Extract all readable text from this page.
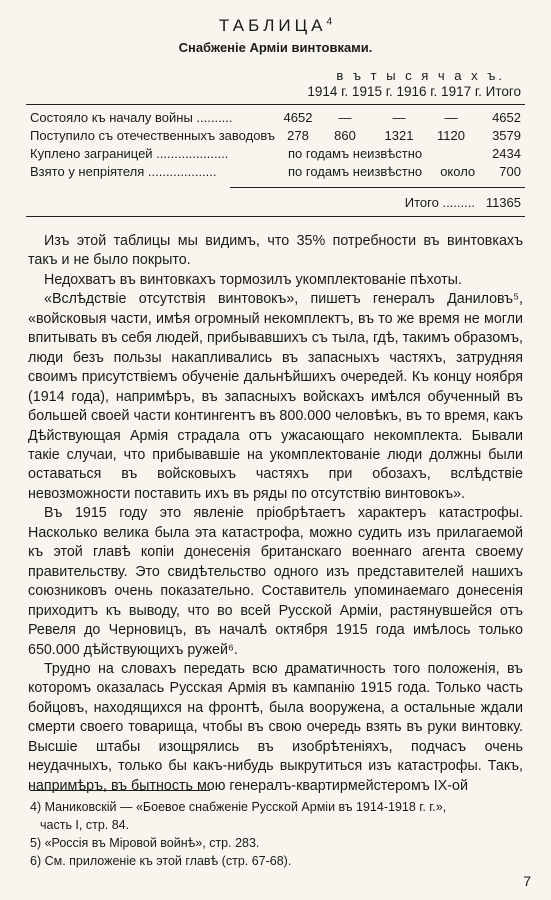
ТАБЛИЦА$^4$
Снабженіе Арміи винтовками.
в ъ т ы с я ч а х ъ.
1914 г. 1915 г. 1916 г. 1917 г. Итого
Состояло къ началу войны ..........	4652	—	—	—	4652
Поступило съ отечественныхъ заводовъ 278	860	1321	1120	3579
Куплено заграницей ....................	по годамъ неизвѣстно	2434
Взято у непріятеля ...................	по годамъ неизвѣстно     около 700
Итого ......... 11365

Изъ этой таблицы мы видимъ, что 35% потребности въ винтовкахъ такъ и не было покрыто.

Недохватъ въ винтовкахъ тормозилъ укомплектованіе пѣхоты.

«Вслѣдствіе отсутствія винтовокъ», пишетъ генералъ Даниловъ⁵, «войсковыя части, имѣя огромный некомплектъ, въ то же время не могли впитывать въ себя людей, прибывавшихъ съ тыла, гдѣ, такимъ образомъ, люди безъ пользы накапливались въ запасныхъ частяхъ, затрудняя своимъ присутствіемъ обученіе дальнѣйшихъ очередей. Къ концу ноября (1914 года), напримѣръ, въ запасныхъ войскахъ имѣлся обученный въ большей своей части контингентъ въ 800.000 человѣкъ, въ то время, какъ Дѣйствующая Армія страдала отъ ужасающаго некомплекта. Бывали такіе случаи, что прибывавшіе на укомплектованіе люди должны были оставаться въ войсковыхъ частяхъ при обозахъ, вслѣдствіе невозможности поставить ихъ въ ряды по отсутствію винтовокъ».

Въ 1915 году это явленіе пріобрѣтаетъ характеръ катастрофы. Насколько велика была эта катастрофа, можно судить изъ прилагаемой къ этой главѣ копіи донесенія британскаго военнаго агента своему правительству. Это свидѣтельство одного изъ представителей нашихъ союзниковъ очень показательно. Составитель упоминаемаго донесенія приходитъ къ выводу, что во всей Русской Арміи, растянувшейся отъ Ревеля до Черновицъ, въ началѣ октября 1915 года имѣлось только 650.000 дѣйствующихъ ружей⁶.

Трудно на словахъ передать всю драматичность того положенія, въ которомъ оказалась Русская Армія въ кампанію 1915 года. Только часть бойцовъ, находящихся на фронтѣ, была вооружена, а остальные ждали смерти своего товарища, чтобы въ свою очередь взять въ руки винтовку. Высшіе штабы изощрялись въ изобрѣтеніяхъ, подчасъ очень неудачныхъ, только бы какъ-нибудь выкрутиться изъ катастрофы. Такъ, напримѣръ, въ бытность мою генералъ-квартирмейстеромъ IX-ой

4) Маниковскій — «Боевое снабженіе Русской Арміи въ 1914-1918 г. г.»,
часть I, стр. 84.
5) «Россія въ Міровой войнѣ», стр. 283.
6) См. приложеніе къ этой главѣ (стр. 67-68).
7
